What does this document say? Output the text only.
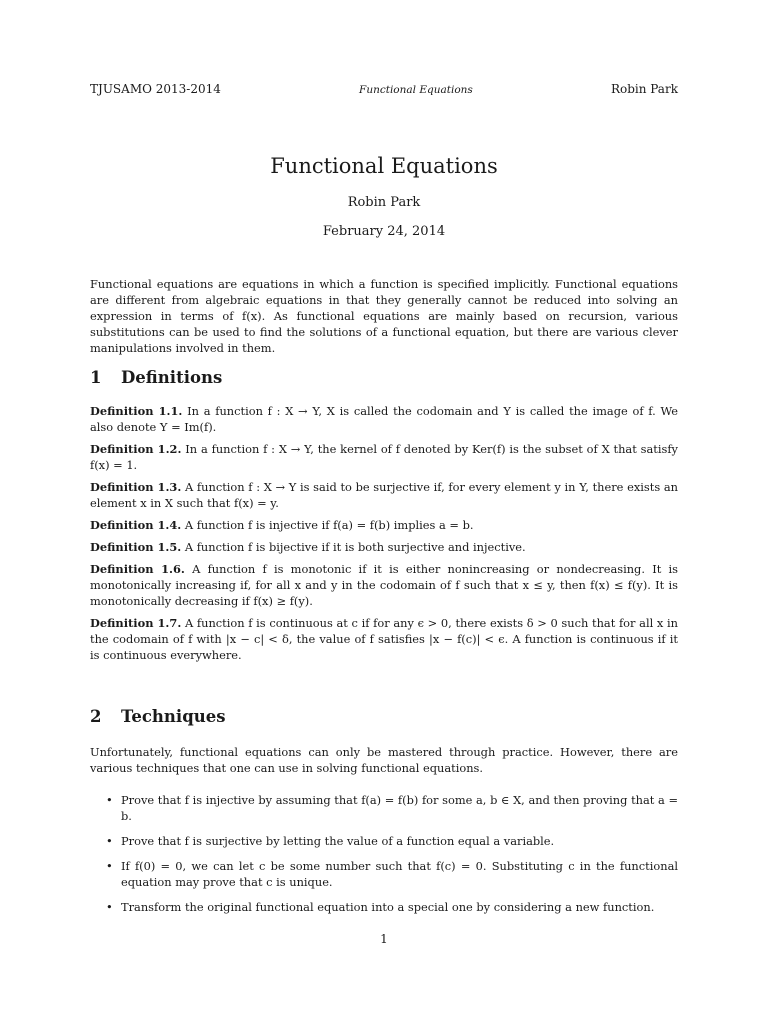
TJUSAMO 2013-2014	Functional Equations	Robin Park
Functional Equations
Robin Park
February 24, 2014

Functional equations are equations in which a function is specified implicitly. Functional equations are different from algebraic equations in that they generally cannot be reduced into solving an expression in terms of f(x). As functional equations are mainly based on recursion, various substitutions can be used to find the solutions of a functional equation, but there are various clever manipulations involved in them.

1 Definitions

Definition 1.1. In a function f : X → Y, X is called the codomain and Y is called the image of f. We also denote Y = Im(f).

Definition 1.2. In a function f : X → Y, the kernel of f denoted by Ker(f) is the subset of X that satisfy f(x) = 1.

Definition 1.3. A function f : X → Y is said to be surjective if, for every element y in Y, there exists an element x in X such that f(x) = y.

Definition 1.4. A function f is injective if f(a) = f(b) implies a = b.

Definition 1.5. A function f is bijective if it is both surjective and injective.

Definition 1.6. A function f is monotonic if it is either nonincreasing or nondecreasing. It is monotonically increasing if, for all x and y in the codomain of f such that x ≤ y, then f(x) ≤ f(y). It is monotonically decreasing if f(x) ≥ f(y).

Definition 1.7. A function f is continuous at c if for any ϵ > 0, there exists δ > 0 such that for all x in the codomain of f with |x − c| < δ, the value of f satisfies |x − f(c)| < ϵ. A function is continuous if it is continuous everywhere.

2 Techniques

Unfortunately, functional equations can only be mastered through practice. However, there are various techniques that one can use in solving functional equations.

• Prove that f is injective by assuming that f(a) = f(b) for some a, b ∈ X, and then proving that a = b.
• Prove that f is surjective by letting the value of a function equal a variable.
• If f(0) = 0, we can let c be some number such that f(c) = 0. Substituting c in the functional equation may prove that c is unique.
• Transform the original functional equation into a special one by considering a new function.
1
